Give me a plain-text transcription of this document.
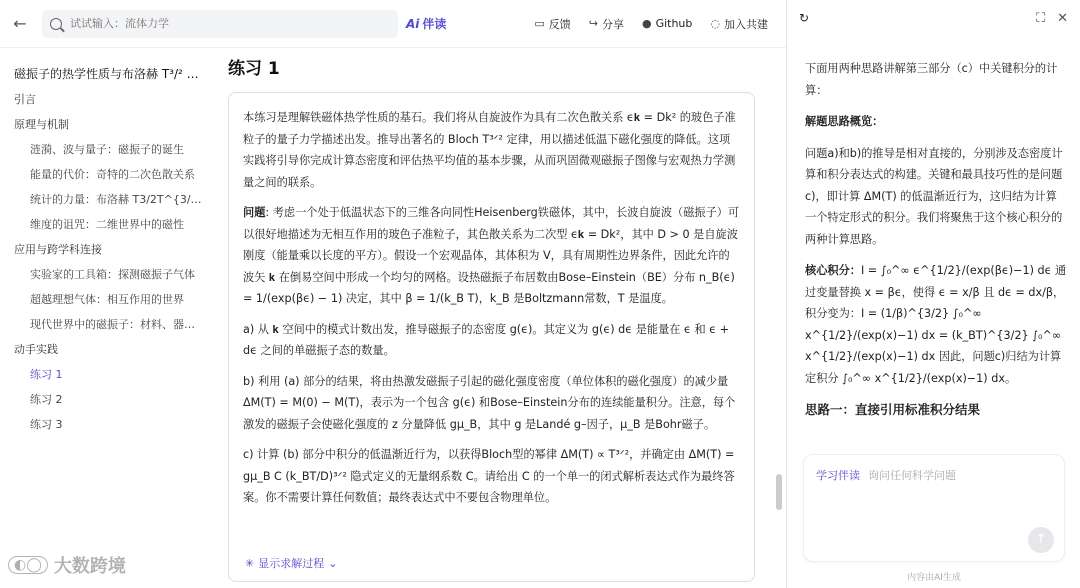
←
试试输入：流体力学	Ai 伴读	▭ 反馈 ↪ 分享 ● Github ◌ 加入共建
磁振子的热学性质与布洛赫 T³/² …
引言
原理与机制
涟漪、波与量子：磁振子的诞生
能量的代价：奇特的二次色散关系
统计的力量：布洛赫 T3/2T^{3/…
维度的诅咒：二维世界中的磁性
应用与跨学科连接
实验家的工具箱：探测磁振子气体
超越理想气体：相互作用的世界
现代世界中的磁振子：材料、器…
动手实践
练习 1
练习 2
练习 3
练习 1

本练习是理解铁磁体热学性质的基石。我们将从自旋波作为具有二次色散关系 ϵ𝐤 = Dk² 的玻色子准粒子的量子力学描述出发。推导出著名的 Bloch T³ᐟ² 定律，用以描述低温下磁化强度的降低。这项实践将引导你完成计算态密度和评估热平均值的基本步骤，从而巩固微观磁振子图像与宏观热力学测量之间的联系。

问题: 考虑一个处于低温状态下的三维各向同性Heisenberg铁磁体，其中，长波自旋波（磁振子）可以很好地描述为无相互作用的玻色子准粒子，其色散关系为二次型 ϵ𝐤 = Dk²，其中 D > 0 是自旋波刚度（能量乘以长度的平方）。假设一个宏观晶体，其体积为 V，具有周期性边界条件，因此允许的波矢 𝐤 在倒易空间中形成一个均匀的网格。设热磁振子布居数由Bose–Einstein（BE）分布 n_B(ϵ) = 1/(exp(βϵ) − 1) 决定，其中 β = 1/(k_B T)，k_B 是Boltzmann常数，T 是温度。

a) 从 𝐤 空间中的模式计数出发，推导磁振子的态密度 g(ϵ)。其定义为 g(ϵ) dϵ 是能量在 ϵ 和 ϵ + dϵ 之间的单磁振子态的数量。

b) 利用 (a) 部分的结果，将由热激发磁振子引起的磁化强度密度（单位体积的磁化强度）的减少量 ΔM(T) = M(0) − M(T)，表示为一个包含 g(ϵ) 和Bose–Einstein分布的连续能量积分。注意，每个激发的磁振子会使磁化强度的 z 分量降低 gμ_B，其中 g 是Landé g–因子，μ_B 是Bohr磁子。

c) 计算 (b) 部分中积分的低温渐近行为，以获得Bloch型的幂律 ΔM(T) ∝ T³ᐟ²，并确定由 ΔM(T) = gμ_B C (k_BT/D)³ᐟ² 隐式定义的无量纲系数 C。请给出 C 的一个单一的闭式解析表达式作为最终答案。你不需要计算任何数值；最终表达式中不要包含物理单位。

✳ 显示求解过程 ⌄
↻	⛶ ✕

下面用两种思路讲解第三部分（c）中关键积分的计算：

解题思路概览：

问题a)和b)的推导是相对直接的，分别涉及态密度计算和积分表达式的构建。关键和最具技巧性的是问题c)，即计算 ΔM(T) 的低温渐近行为，这归结为计算一个特定形式的积分。我们将聚焦于这个核心积分的两种计算思路。

核心积分：I = ∫₀^∞ ϵ^{1/2}/(exp(βϵ)−1) dϵ 通过变量替换 x = βϵ，使得 ϵ = x/β 且 dϵ = dx/β，积分变为：I = (1/β)^{3/2} ∫₀^∞ x^{1/2}/(exp(x)−1) dx = (k_BT)^{3/2} ∫₀^∞ x^{1/2}/(exp(x)−1) dx 因此，问题c)归结为计算定积分 ∫₀^∞ x^{1/2}/(exp(x)−1) dx。

思路一：直接引用标准积分结果

学习伴读 询问任何科学问题
↑
内容由AI生成
◐◯ 大数跨境
